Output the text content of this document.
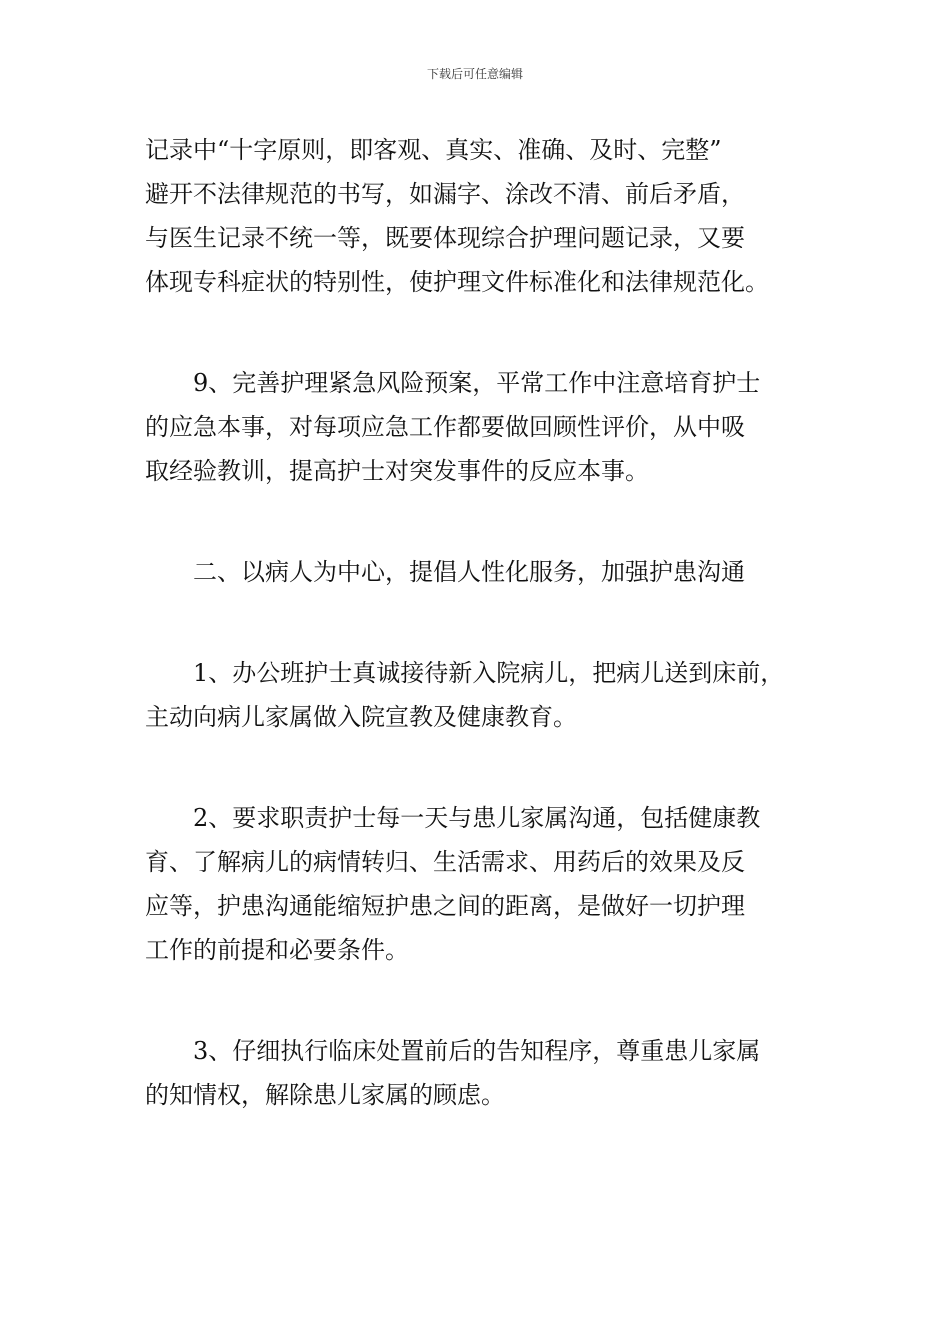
下载后可任意编辑
记录中“十字原则，即客观、真实、准确、及时、完整”
避开不法律规范的书写，如漏字、涂改不清、前后矛盾，
与医生记录不统一等，既要体现综合护理问题记录，又要
体现专科症状的特别性，使护理文件标准化和法律规范化。
　　9、完善护理紧急风险预案，平常工作中注意培育护士
的应急本事，对每项应急工作都要做回顾性评价，从中吸
取经验教训，提高护士对突发事件的反应本事。
　　二、以病人为中心，提倡人性化服务，加强护患沟通
　　1、办公班护士真诚接待新入院病儿，把病儿送到床前，
主动向病儿家属做入院宣教及健康教育。
　　2、要求职责护士每一天与患儿家属沟通，包括健康教
育、了解病儿的病情转归、生活需求、用药后的效果及反
应等，护患沟通能缩短护患之间的距离，是做好一切护理
工作的前提和必要条件。
　　3、仔细执行临床处置前后的告知程序，尊重患儿家属
的知情权，解除患儿家属的顾虑。
